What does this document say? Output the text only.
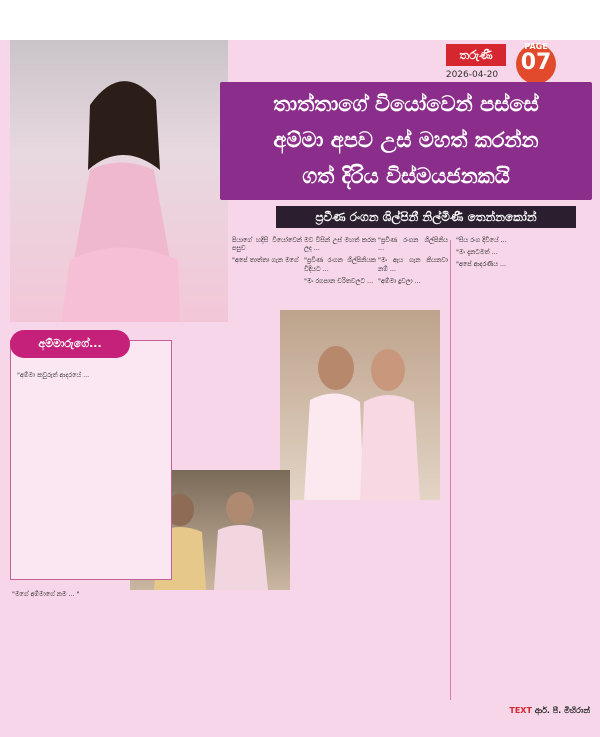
තරුණී
2026-04-20
PAGE
07
තාත්තාගේ වියෝවෙන් පස්සේ
අම්මා අපව උස් මහත් කරන්න
ගත් දිරිය විස්මයජනකයි
ප්‍රවීණ රංගන ශිල්පිනී නිල්මිණී තෙන්නකෝන්

පියාගේ හදිසි වියෝවෙන් පසුව

"අපේ තාත්තා ගැන මගේ

මව විසින් උස් මහත් කරන ලද ...

"ප්‍රවීණ රංගන ශිල්පිනියක විදියට ...

"මං රගපාන චරිතවලට ...

"ප්‍රවීණ රංගන ශිල්පිනිය ...

"මං ඇය ගැන කියනවා නම් ...

"අම්මා දුවලා ...

"සිය රංග දිවියේ ...

"මං දැනටමත් ...

"අපේ ආදරණීය ...

"අම්මා කවුරුත් ආදරයේ ...

අම්මාරුගේ...

"මගේ අම්මාගේ නම ... "

TEXT ආර්. පී. මිහිරාන්
